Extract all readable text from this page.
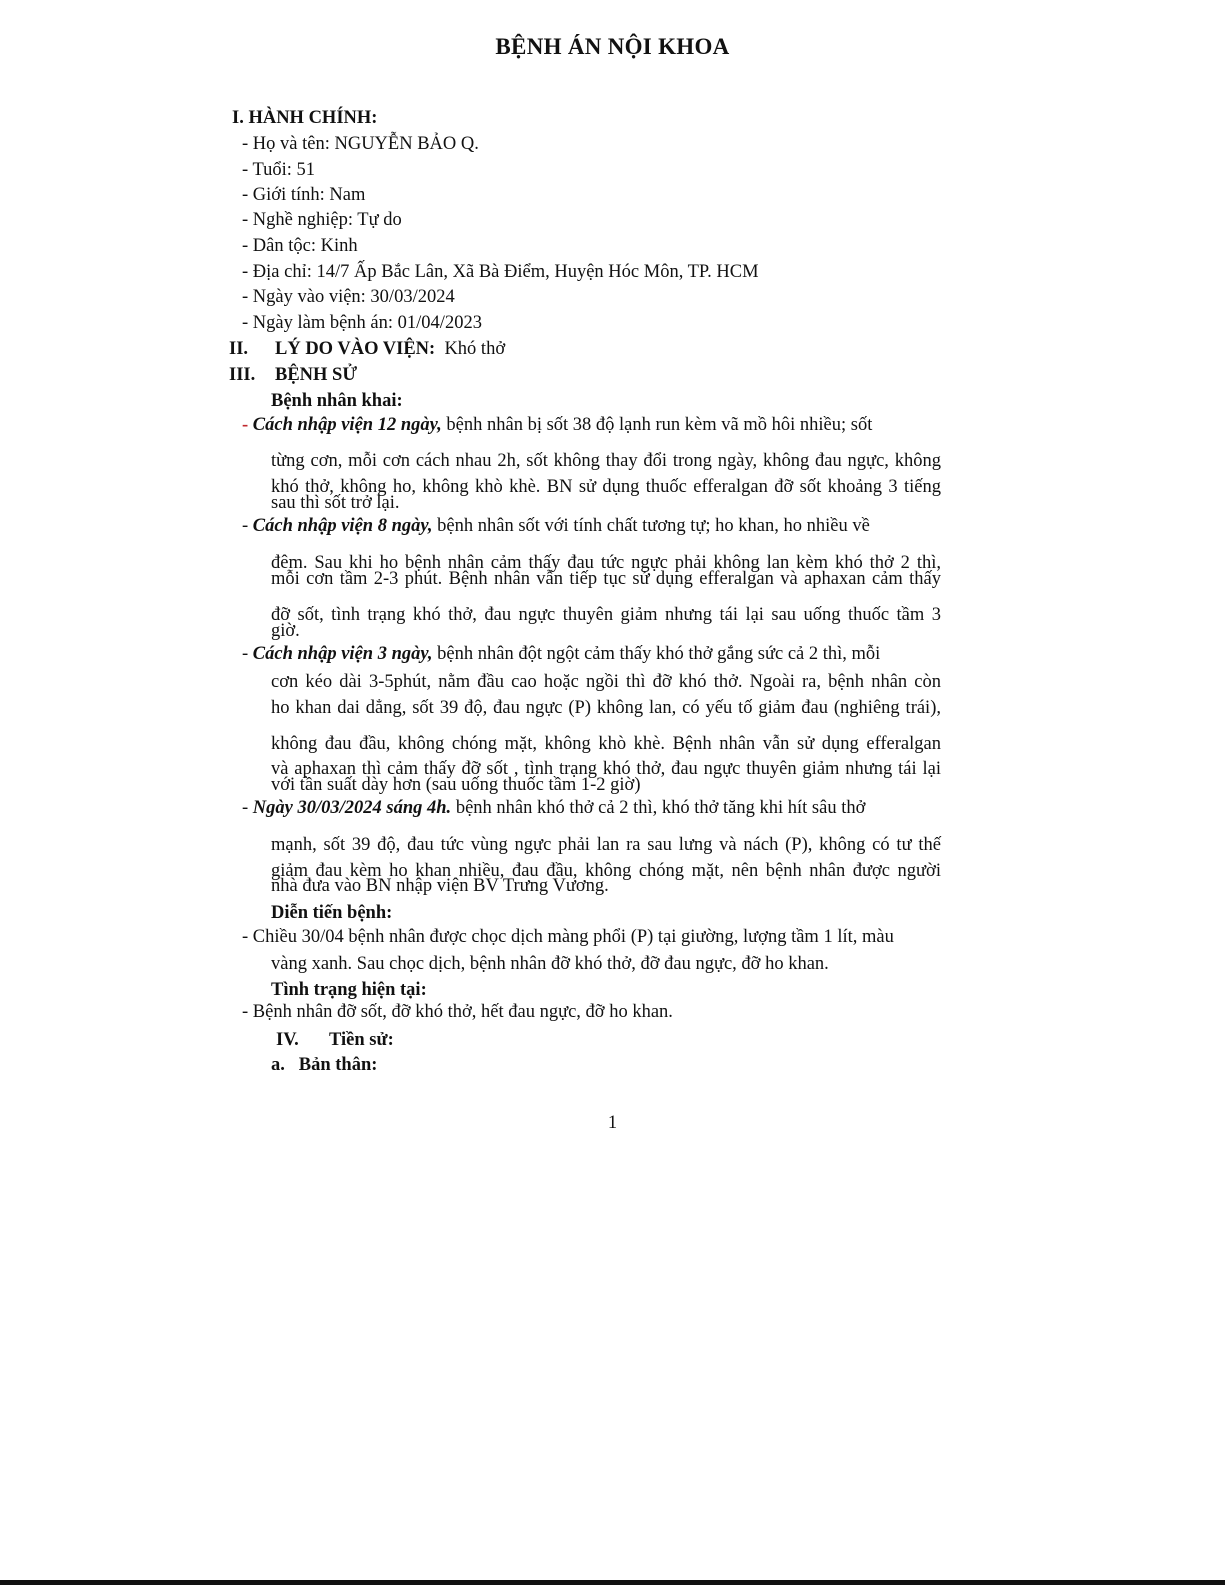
BỆNH ÁN NỘI KHOA
I. HÀNH CHÍNH:
- Họ và tên: NGUYỄN BẢO Q.
- Tuổi: 51
- Giới tính: Nam
- Nghề nghiệp: Tự do
- Dân tộc: Kinh
- Địa chỉ: 14/7 Ấp Bắc Lân, Xã Bà Điểm, Huyện Hóc Môn, TP. HCM
- Ngày vào viện: 30/03/2024
- Ngày làm bệnh án: 01/04/2023
II. LÝ DO VÀO VIỆN: Khó thở
III. BỆNH SỬ
Bệnh nhân khai:
- Cách nhập viện 12 ngày, bệnh nhân bị sốt 38 độ lạnh run kèm vã mồ hôi nhiều; sốt
từng cơn, mỗi cơn cách nhau 2h, sốt không thay đổi trong ngày, không đau ngực, không
khó thở, không ho, không khò khè. BN sử dụng thuốc efferalgan đỡ sốt khoảng 3 tiếng
sau thì sốt trở lại.
- Cách nhập viện 8 ngày, bệnh nhân sốt với tính chất tương tự; ho khan, ho nhiều về
đêm. Sau khi ho bệnh nhân cảm thấy đau tức ngực phải không lan kèm khó thở 2 thì,
mỗi cơn tầm 2-3 phút. Bệnh nhân vẫn tiếp tục sử dụng efferalgan và aphaxan cảm thấy
đỡ sốt, tình trạng khó thở, đau ngực thuyên giảm nhưng tái lại sau uống thuốc tầm 3
giờ.
- Cách nhập viện 3 ngày, bệnh nhân đột ngột cảm thấy khó thở gắng sức cả 2 thì, mỗi
cơn kéo dài 3-5phút, nằm đầu cao hoặc ngồi thì đỡ khó thở. Ngoài ra, bệnh nhân còn
ho khan dai dẳng, sốt 39 độ, đau ngực (P) không lan, có yếu tố giảm đau (nghiêng trái),
không đau đầu, không chóng mặt, không khò khè. Bệnh nhân vẫn sử dụng efferalgan
và aphaxan thì cảm thấy đỡ sốt , tình trạng khó thở, đau ngực thuyên giảm nhưng tái lại
với tần suất dày hơn (sau uống thuốc tầm 1-2 giờ)
- Ngày 30/03/2024 sáng 4h. bệnh nhân khó thở cả 2 thì, khó thở tăng khi hít sâu thở
mạnh, sốt 39 độ, đau tức vùng ngực phải lan ra sau lưng và nách (P), không có tư thế
giảm đau kèm ho khan nhiều, đau đầu, không chóng mặt, nên bệnh nhân được người
nhà đưa vào BN nhập viện BV Trưng Vương.
Diễn tiến bệnh:
- Chiều 30/04 bệnh nhân được chọc dịch màng phổi (P) tại giường, lượng tầm 1 lít, màu
vàng xanh. Sau chọc dịch, bệnh nhân đỡ khó thở, đỡ đau ngực, đỡ ho khan.
Tình trạng hiện tại:
- Bệnh nhân đỡ sốt, đỡ khó thở, hết đau ngực, đỡ ho khan.
IV. Tiền sử:
a.   Bản thân:
1
